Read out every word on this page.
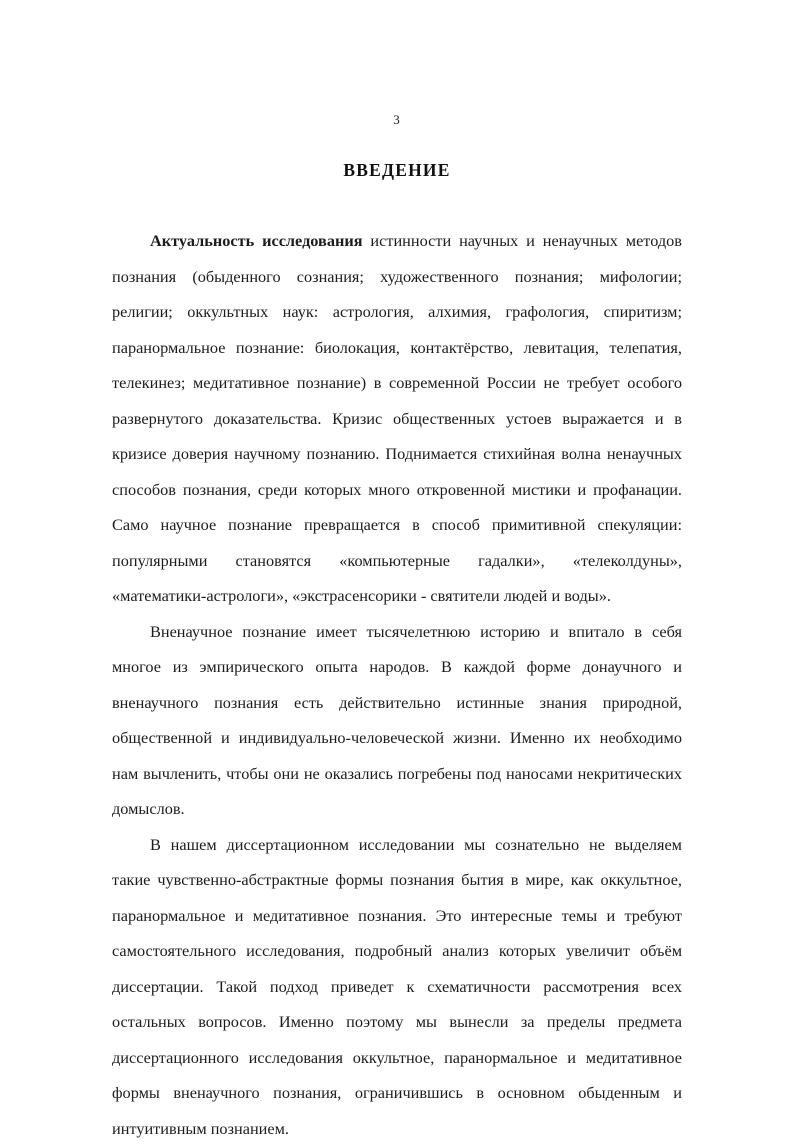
3
ВВЕДЕНИЕ

Актуальность исследования истинности научных и ненаучных методов познания (обыденного сознания; художественного познания; мифологии; религии; оккультных наук: астрология, алхимия, графология, спиритизм; паранормальное познание: биолокация, контактёрство, левитация, телепатия, телекинез; медитативное познание) в современной России не требует особого развернутого доказательства. Кризис общественных устоев выражается и в кризисе доверия научному познанию. Поднимается стихийная волна ненаучных способов познания, среди которых много откровенной мистики и профанации. Само научное познание превращается в способ примитивной спекуляции: популярными становятся «компьютерные гадалки», «телеколдуны», «математики-астрологи», «экстрасенсорики - святители людей и воды».

Вненаучное познание имеет тысячелетнюю историю и впитало в себя многое из эмпирического опыта народов. В каждой форме донаучного и вненаучного познания есть действительно истинные знания природной, общественной и индивидуально-человеческой жизни. Именно их необходимо нам вычленить, чтобы они не оказались погребены под наносами некритических домыслов.

В нашем диссертационном исследовании мы сознательно не выделяем такие чувственно-абстрактные формы познания бытия в мире, как оккультное, паранормальное и медитативное познания. Это интересные темы и требуют самостоятельного исследования, подробный анализ которых увеличит объём диссертации. Такой подход приведет к схематичности рассмотрения всех остальных вопросов. Именно поэтому мы вынесли за пределы предмета диссертационного исследования оккультное, паранормальное и медитативное формы вненаучного познания, ограничившись в основном обыденным и интуитивным познанием.
